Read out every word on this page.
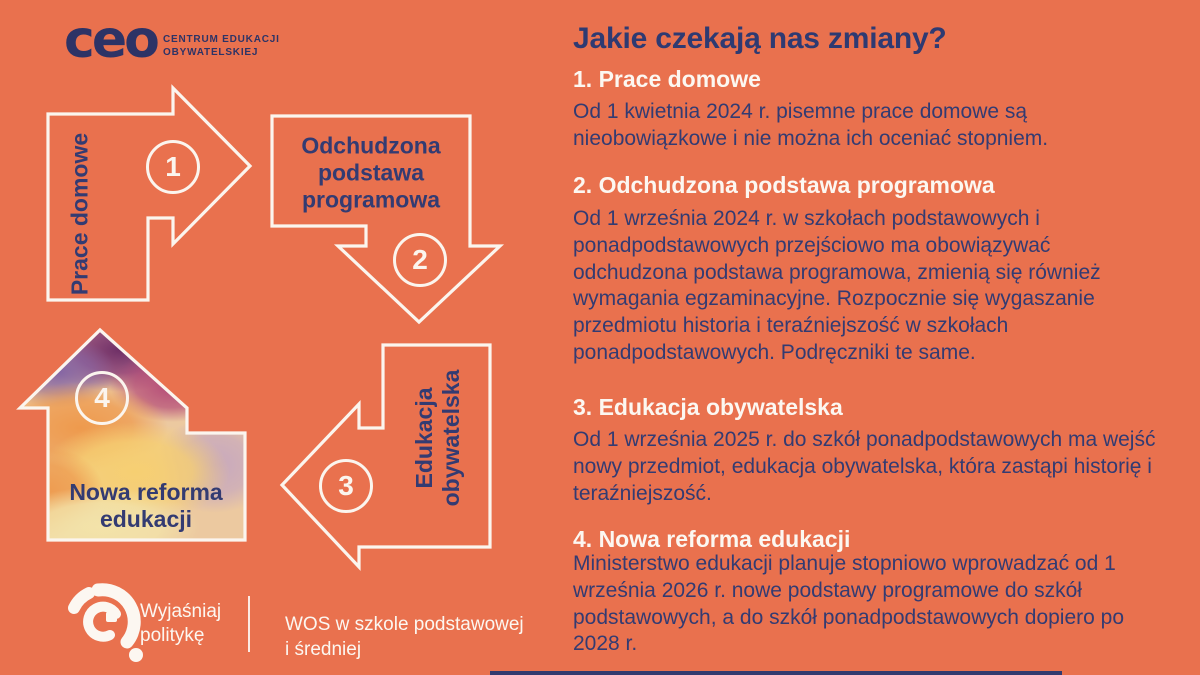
ceo CENTRUM EDUKACJI
OBYWATELSKIEJ
Prace domowe	Odchudzona podstawa programowa
Edukacja obywatelska
Nowa reforma edukacji
1
2
3
4
Jakie czekają nas zmiany?
1. Prace domowe
Od 1 kwietnia 2024 r. pisemne prace domowe są nieobowiązkowe i nie można ich oceniać stopniem.
2. Odchudzona podstawa programowa
Od 1 września 2024 r. w szkołach podstawowych i ponadpodstawowych przejściowo ma obowiązywać odchudzona podstawa programowa, zmienią się również wymagania egzaminacyjne. Rozpocznie się wygaszanie przedmiotu historia i teraźniejszość w szkołach ponadpodstawowych. Podręczniki te same.
3. Edukacja obywatelska
Od 1 września 2025 r. do szkół ponadpodstawowych ma wejść nowy przedmiot, edukacja obywatelska, która zastąpi historię i teraźniejszość.
4. Nowa reforma edukacji
Ministerstwo edukacji planuje stopniowo wprowadzać od 1 września 2026 r. nowe podstawy programowe do szkół podstawowych, a do szkół ponadpodstawowych dopiero po 2028 r.
Wyjaśniaj
politykę
WOS w szkole podstawowej
i średniej
